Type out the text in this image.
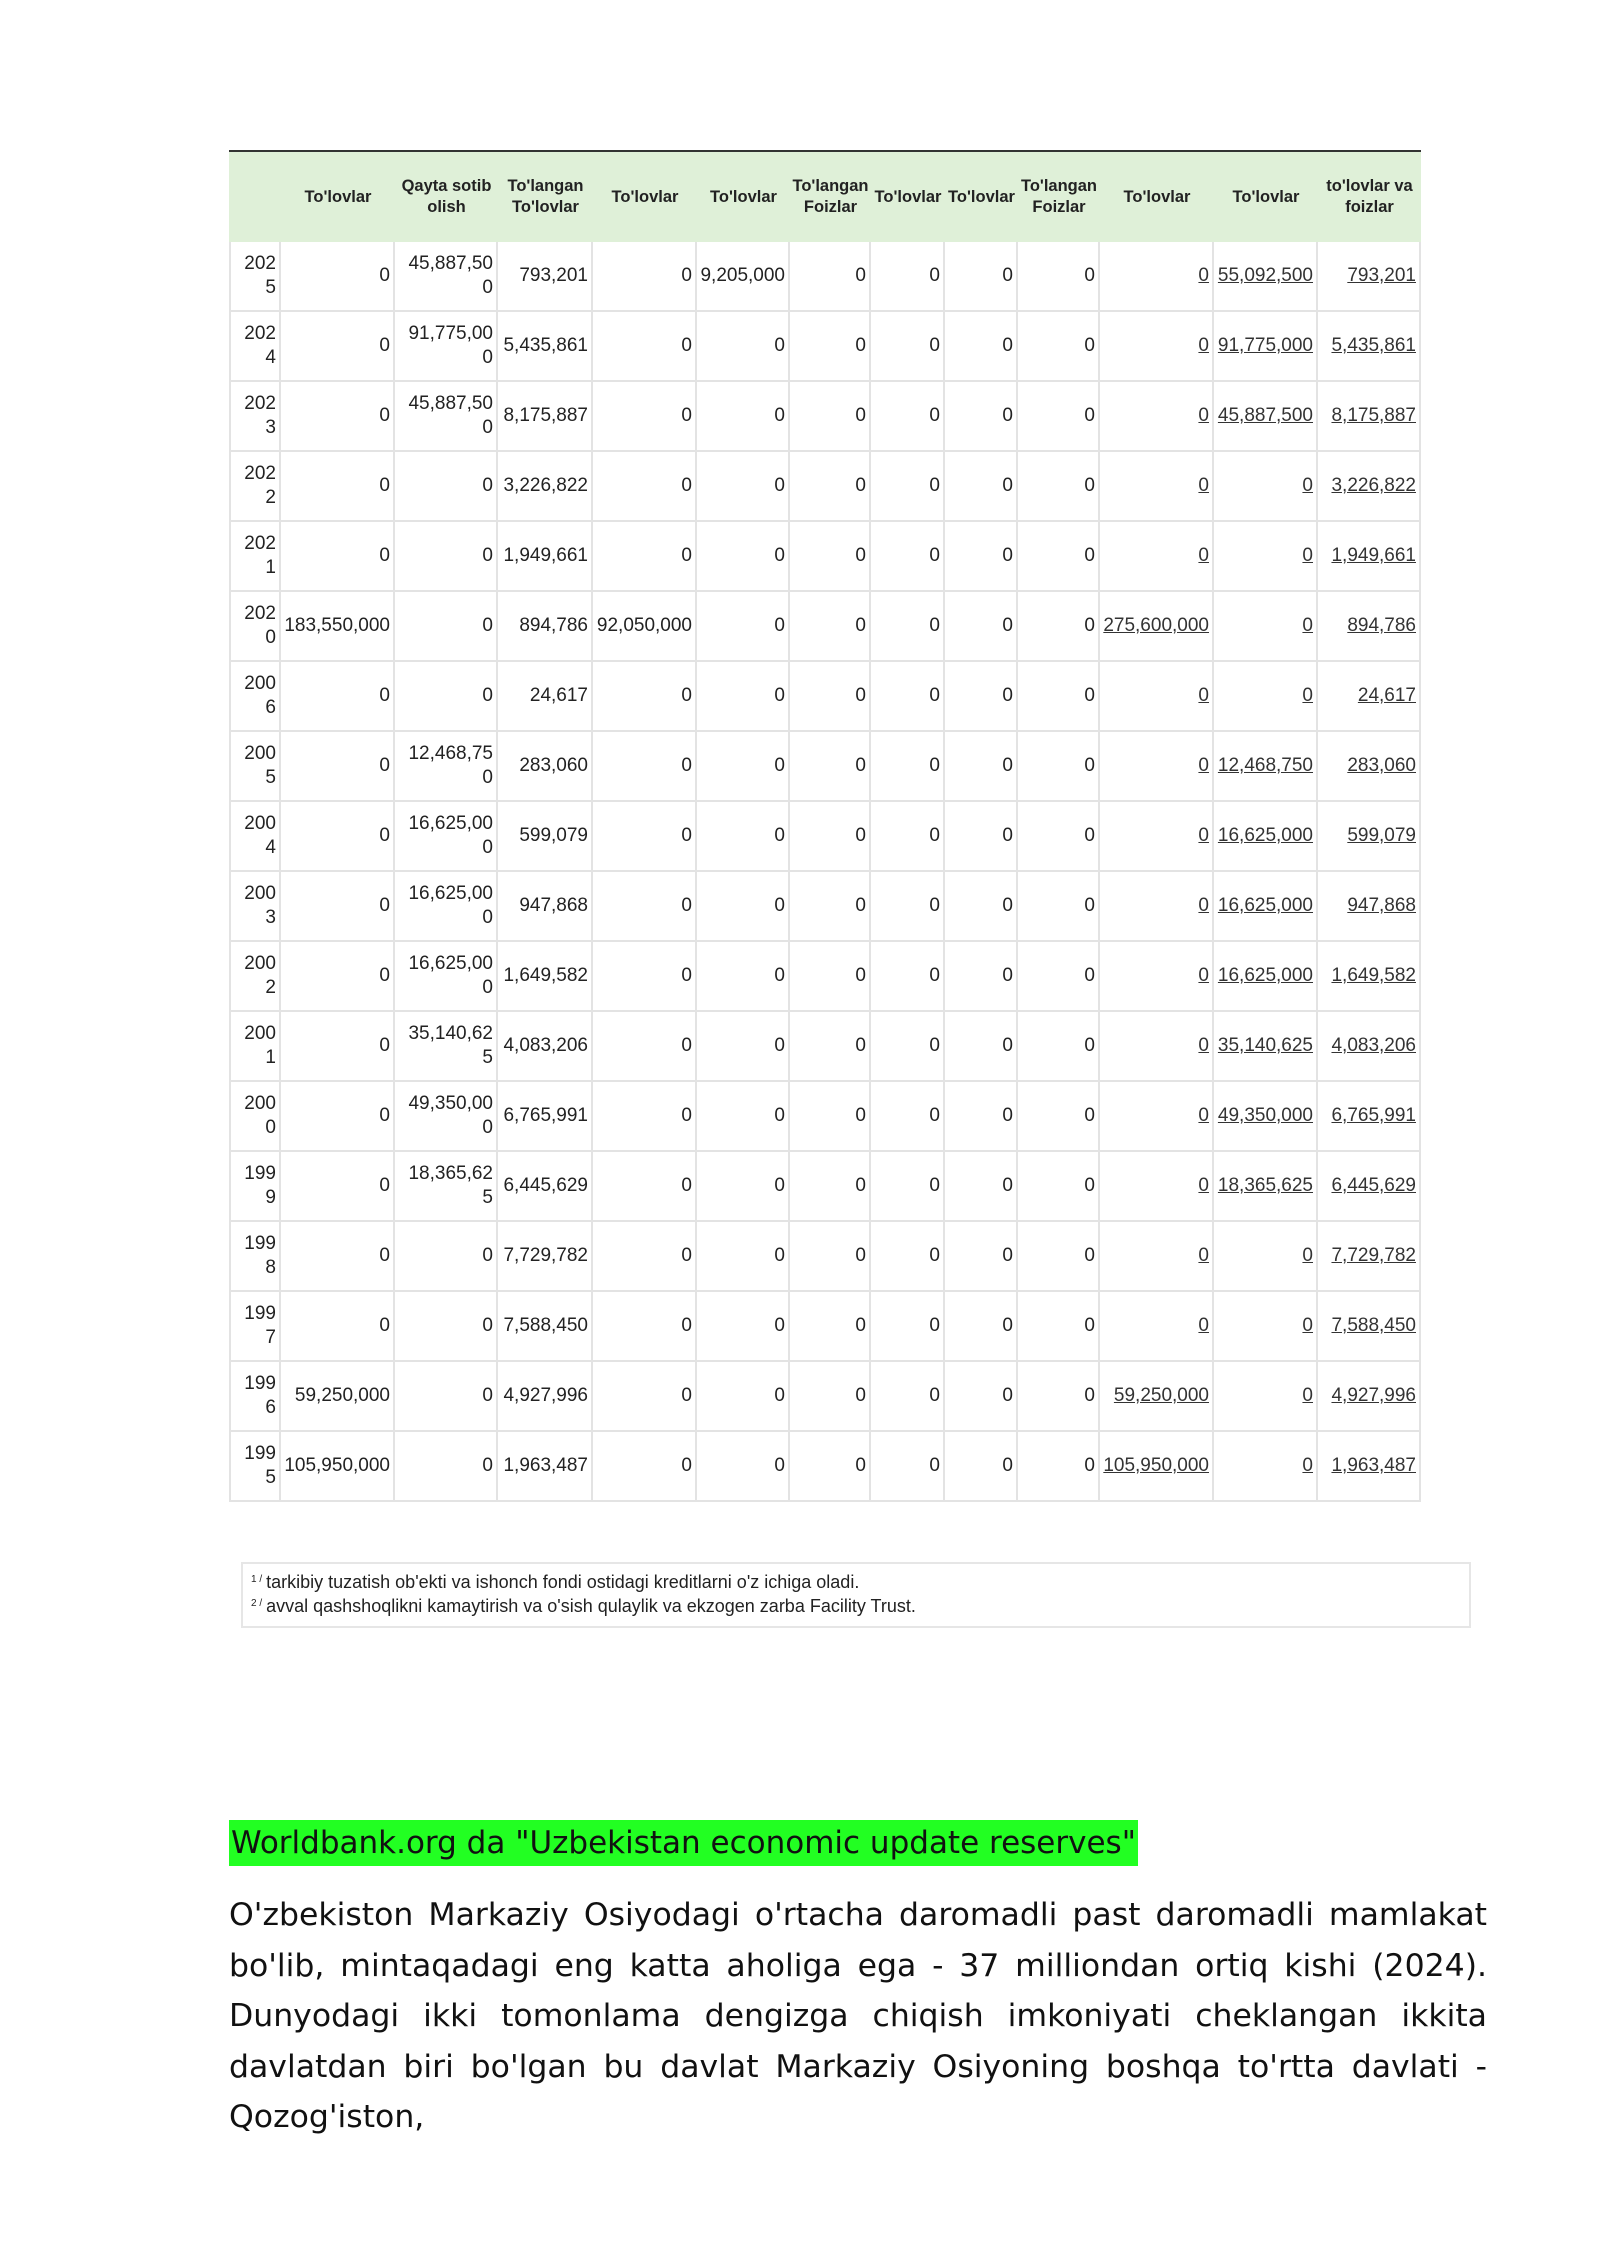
	To'lovlar	Qayta sotib olish	To'langan To'lovlar	To'lovlar	To'lovlar	To'langan Foizlar	To'lovlar	To'lovlar	To'langan Foizlar	To'lovlar	To'lovlar	to'lovlar va foizlar
2025	0	45,887,500	793,201	0	9,205,000	0	0	0	0	0	55,092,500	793,201
2024	0	91,775,000	5,435,861	0	0	0	0	0	0	0	91,775,000	5,435,861
2023	0	45,887,500	8,175,887	0	0	0	0	0	0	0	45,887,500	8,175,887
2022	0	0	3,226,822	0	0	0	0	0	0	0	0	3,226,822
2021	0	0	1,949,661	0	0	0	0	0	0	0	0	1,949,661
2020	183,550,000	0	894,786	92,050,000	0	0	0	0	0	275,600,000	0	894,786
2006	0	0	24,617	0	0	0	0	0	0	0	0	24,617
2005	0	12,468,750	283,060	0	0	0	0	0	0	0	12,468,750	283,060
2004	0	16,625,000	599,079	0	0	0	0	0	0	0	16,625,000	599,079
2003	0	16,625,000	947,868	0	0	0	0	0	0	0	16,625,000	947,868
2002	0	16,625,000	1,649,582	0	0	0	0	0	0	0	16,625,000	1,649,582
2001	0	35,140,625	4,083,206	0	0	0	0	0	0	0	35,140,625	4,083,206
2000	0	49,350,000	6,765,991	0	0	0	0	0	0	0	49,350,000	6,765,991
1999	0	18,365,625	6,445,629	0	0	0	0	0	0	0	18,365,625	6,445,629
1998	0	0	7,729,782	0	0	0	0	0	0	0	0	7,729,782
1997	0	0	7,588,450	0	0	0	0	0	0	0	0	7,588,450
1996	59,250,000	0	4,927,996	0	0	0	0	0	0	59,250,000	0	4,927,996
1995	105,950,000	0	1,963,487	0	0	0	0	0	0	105,950,000	0	1,963,487
$^{1 /}$ tarkibiy tuzatish ob'ekti va ishonch fondi ostidagi kreditlarni o'z ichiga oladi.
$^{2 /}$ avval qashshoqlikni kamaytirish va o'sish qulaylik va ekzogen zarba Facility Trust.
Worldbank.org da "Uzbekistan economic update reserves"

O'zbekiston Markaziy Osiyodagi o'rtacha daromadli past daromadli mamlakat bo'lib, mintaqadagi eng katta aholiga ega - 37 milliondan ortiq kishi (2024). Dunyodagi ikki tomonlama dengizga chiqish imkoniyati cheklangan ikkita davlatdan biri bo'lgan bu davlat Markaziy Osiyoning boshqa to'rtta davlati - Qozog'iston,
